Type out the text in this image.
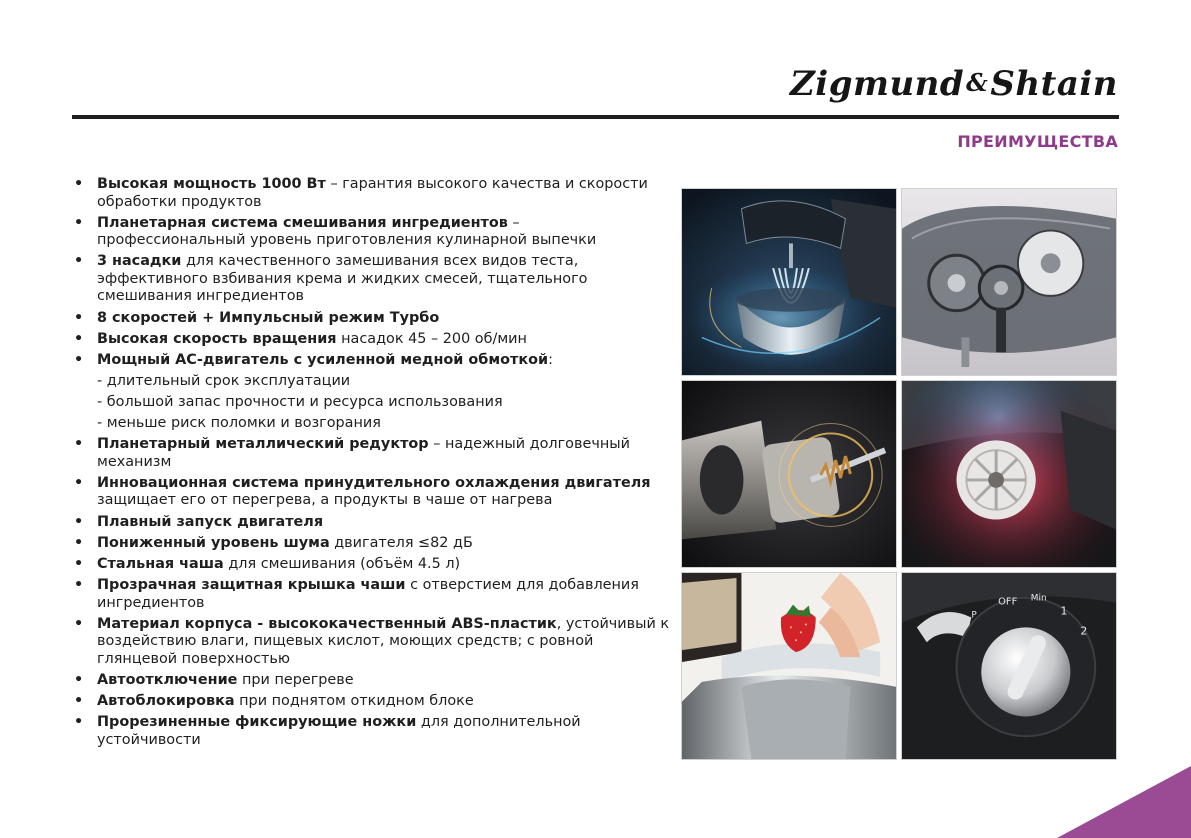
Zigmund&Shtain
ПРЕИМУЩЕСТВА
• Высокая мощность 1000 Вт – гарантия высокого качества и скорости обработки продуктов
• Планетарная система смешивания ингредиентов – профессиональный уровень приготовления кулинарной выпечки
• 3 насадки для качественного замешивания всех видов теста, эффективного взбивания крема и жидких смесей, тщательного смешивания ингредиентов
• 8 скоростей + Импульсный режим Турбо
• Высокая скорость вращения насадок 45 – 200 об/мин
• Мощный АС-двигатель с усиленной медной обмоткой:
- длительный срок эксплуатации
- большой запас прочности и ресурса использования
- меньше риск поломки и возгорания
• Планетарный металлический редуктор – надежный долговечный механизм
• Инновационная система принудительного охлаждения двигателя защищает его от перегрева, а продукты в чаше от нагрева
• Плавный запуск двигателя
• Пониженный уровень шума двигателя ≤82 дБ
• Стальная чаша для смешивания (объём 4.5 л)
• Прозрачная защитная крышка чаши с отверстием для добавления ингредиентов
• Материал корпуса - высококачественный ABS-пластик, устойчивый к воздействию влаги, пищевых кислот, моющих средств; с ровной глянцевой поверхностью
• Автоотключение при перегреве
• Автоблокировка при поднятом откидном блоке
• Прорезиненные фиксирующие ножки для дополнительной устойчивости
OFF Min
1
2
P
